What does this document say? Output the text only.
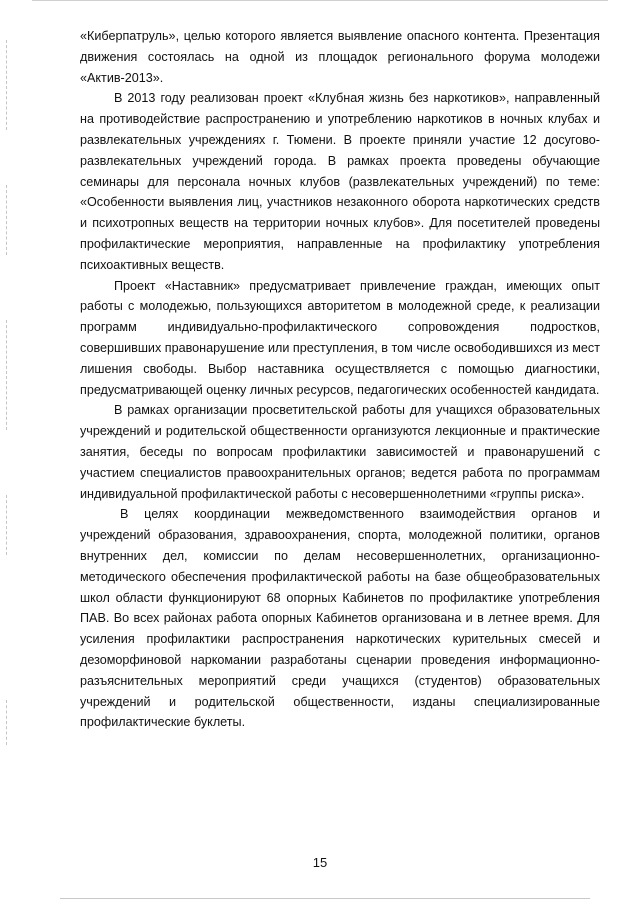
«Киберпатруль», целью которого является выявление опасного контента. Презентация движения состоялась на одной из площадок регионального форума молодежи «Актив-2013».

В 2013 году реализован проект «Клубная жизнь без наркотиков», направленный на противодействие распространению и употреблению наркотиков в ночных клубах и развлекательных учреждениях г. Тюмени. В проекте приняли участие 12 досугово-развлекательных учреждений города. В рамках проекта проведены обучающие семинары для персонала ночных клубов (развлекательных учреждений) по теме: «Особенности выявления лиц, участников незаконного оборота наркотических средств и психотропных веществ на территории ночных клубов». Для посетителей проведены профилактические мероприятия, направленные на профилактику употребления психоактивных веществ.

Проект «Наставник» предусматривает привлечение граждан, имеющих опыт работы с молодежью, пользующихся авторитетом в молодежной среде, к реализации программ индивидуально-профилактического сопровождения подростков, совершивших правонарушение или преступления, в том числе освободившихся из мест лишения свободы. Выбор наставника осуществляется с помощью диагностики, предусматривающей оценку личных ресурсов, педагогических особенностей кандидата.

В рамках организации просветительской работы для учащихся образовательных учреждений и родительской общественности организуются лекционные и практические занятия, беседы по вопросам профилактики зависимостей и правонарушений с участием специалистов правоохранительных органов; ведется работа по программам индивидуальной профилактической работы с несовершеннолетними «группы риска».

В целях координации межведомственного взаимодействия органов и учреждений образования, здравоохранения, спорта, молодежной политики, органов внутренних дел, комиссии по делам несовершеннолетних, организационно-методического обеспечения профилактической работы на базе общеобразовательных школ области функционируют 68 опорных Кабинетов по профилактике употребления ПАВ. Во всех районах работа опорных Кабинетов организована и в летнее время. Для усиления профилактики распространения наркотических курительных смесей и дезоморфиновой наркомании разработаны сценарии проведения информационно-разъяснительных мероприятий среди учащихся (студентов) образовательных учреждений и родительской общественности, изданы специализированные профилактические буклеты.

15
